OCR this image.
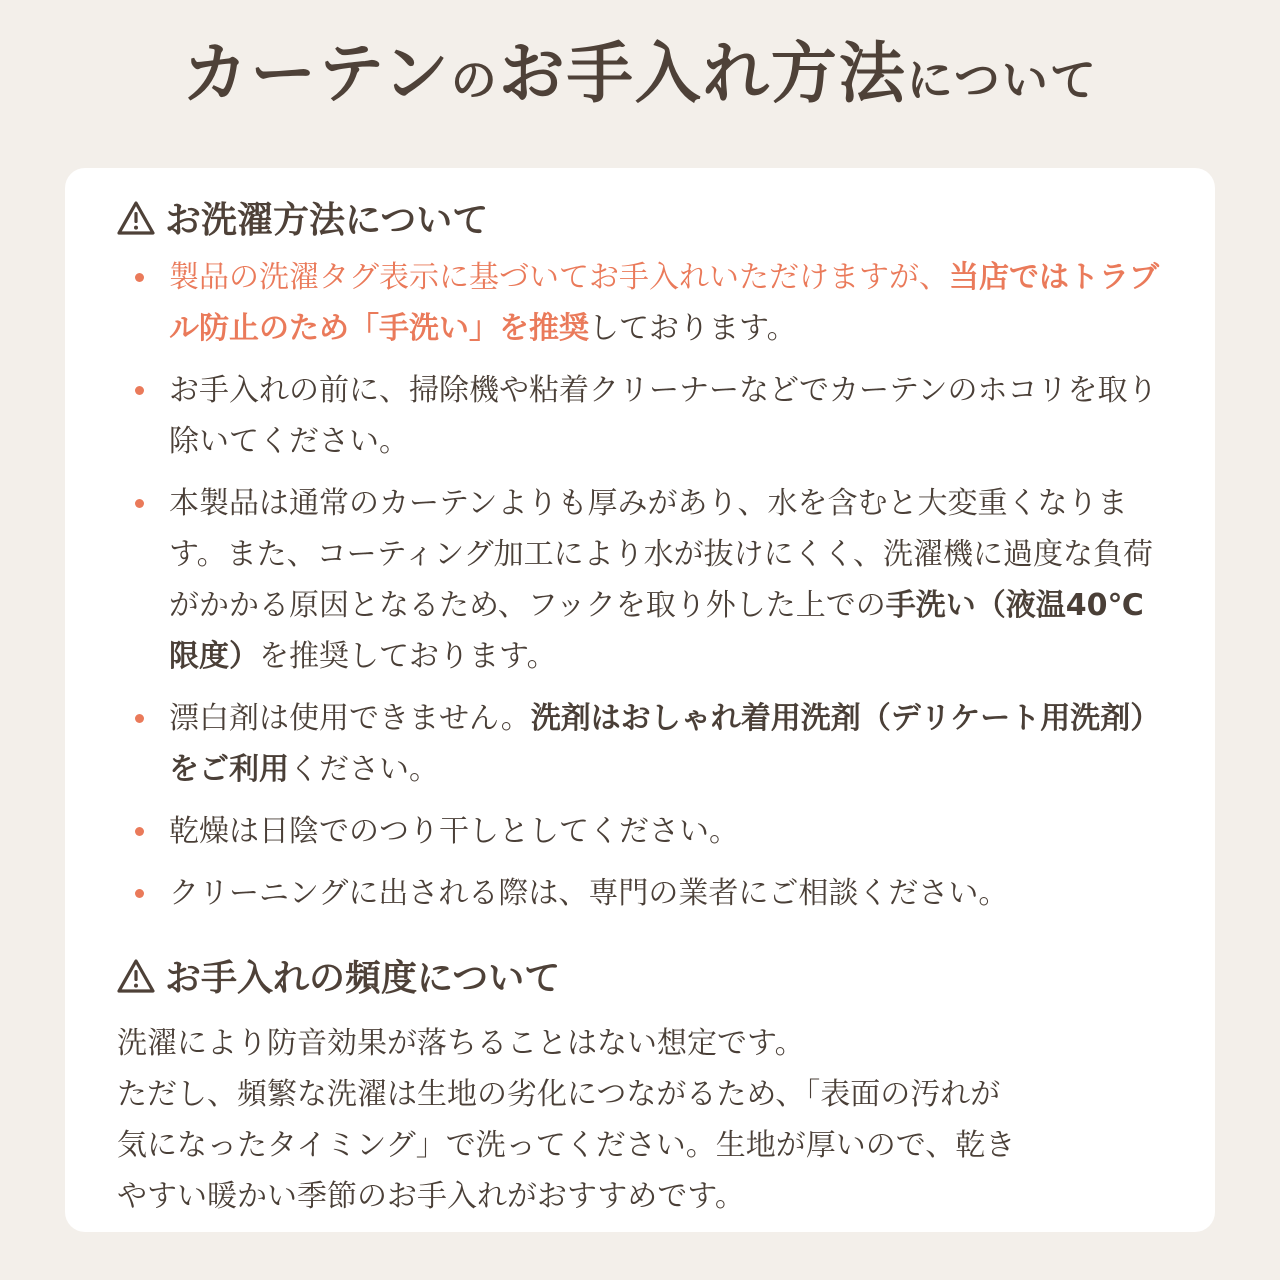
カーテンのお手入れ方法について
お洗濯方法について
製品の洗濯タグ表示に基づいてお手入れいただけますが、当店ではトラブル防止のため「手洗い」を推奨しております。
お手入れの前に、掃除機や粘着クリーナーなどでカーテンのホコリを取り除いてください。
本製品は通常のカーテンよりも厚みがあり、水を含むと大変重くなります。また、コーティング加工により水が抜けにくく、洗濯機に過度な負荷がかかる原因となるため、フックを取り外した上での手洗い（液温40℃限度）を推奨しております。
漂白剤は使用できません。洗剤はおしゃれ着用洗剤（デリケート用洗剤）をご利用ください。
乾燥は日陰でのつり干しとしてください。
クリーニングに出される際は、専門の業者にご相談ください。
お手入れの頻度について
洗濯により防音効果が落ちることはない想定です。
ただし、頻繁な洗濯は生地の劣化につながるため、「表面の汚れが
気になったタイミング」で洗ってください。生地が厚いので、乾き
やすい暖かい季節のお手入れがおすすめです。
